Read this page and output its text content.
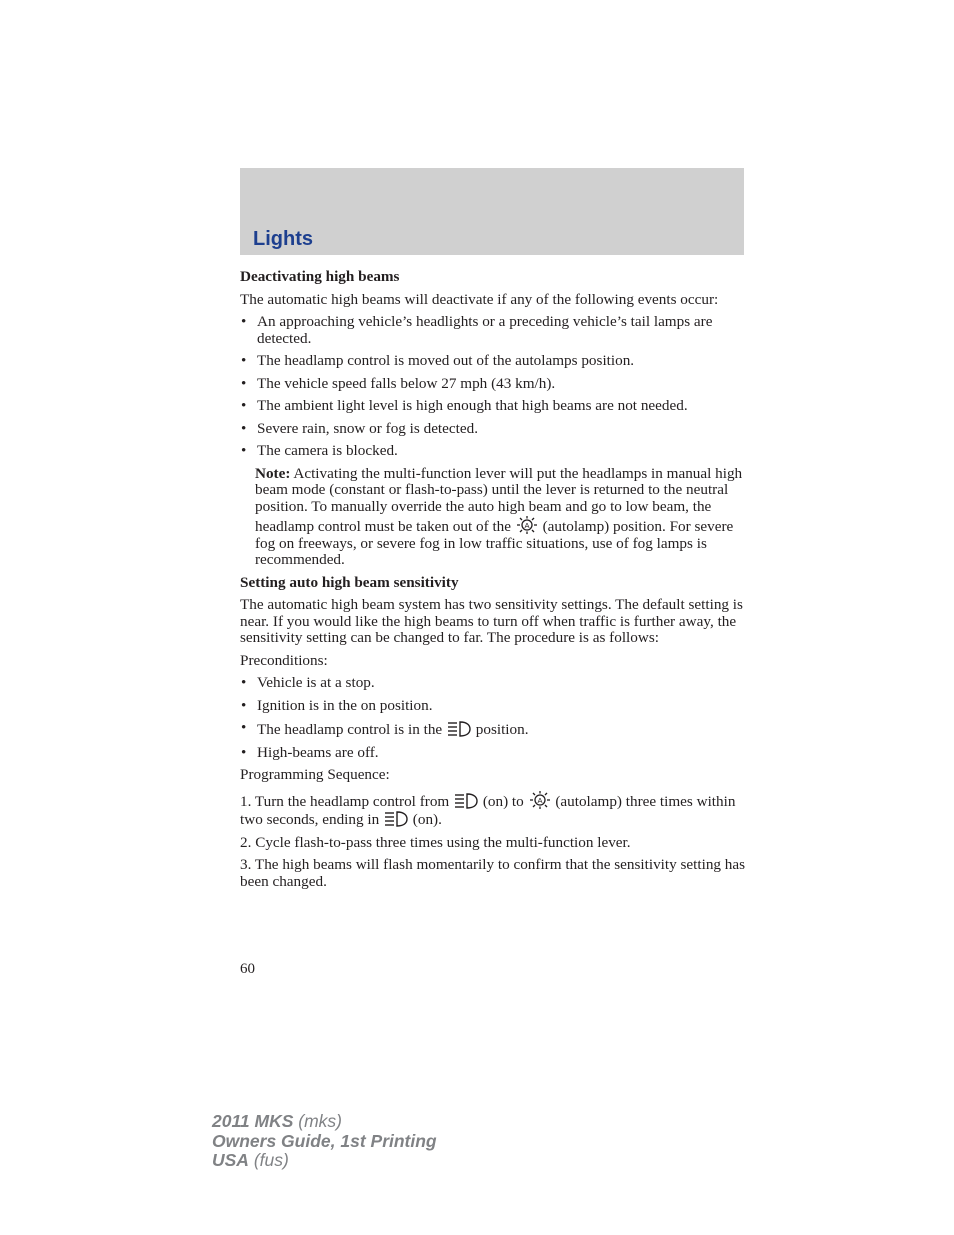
Lights

Deactivating high beams

The automatic high beams will deactivate if any of the following events occur:

• An approaching vehicle’s headlights or a preceding vehicle’s tail lamps are detected.
• The headlamp control is moved out of the autolamps position.
• The vehicle speed falls below 27 mph (43 km/h).
• The ambient light level is high enough that high beams are not needed.
• Severe rain, snow or fog is detected.
• The camera is blocked.

Note: Activating the multi-function lever will put the headlamps in manual high beam mode (constant or flash-to-pass) until the lever is returned to the neutral position. To manually override the auto high beam and go to low beam, the headlamp control must be taken out of the A (autolamp) position. For severe fog on freeways, or severe fog in low traffic situations, use of fog lamps is recommended.

Setting auto high beam sensitivity

The automatic high beam system has two sensitivity settings. The default setting is near. If you would like the high beams to turn off when traffic is further away, the sensitivity setting can be changed to far. The procedure is as follows:

Preconditions:

• Vehicle is at a stop.
• Ignition is in the on position.
• The headlamp control is in the
position.
• High-beams are off.

Programming Sequence:

1. Turn the headlamp control from
(on) to A (autolamp) three times within two seconds, ending in
(on).

2. Cycle flash-to-pass three times using the multi-function lever.

3. The high beams will flash momentarily to confirm that the sensitivity setting has been changed.

60
2011 MKS (mks)
Owners Guide, 1st Printing
USA (fus)
